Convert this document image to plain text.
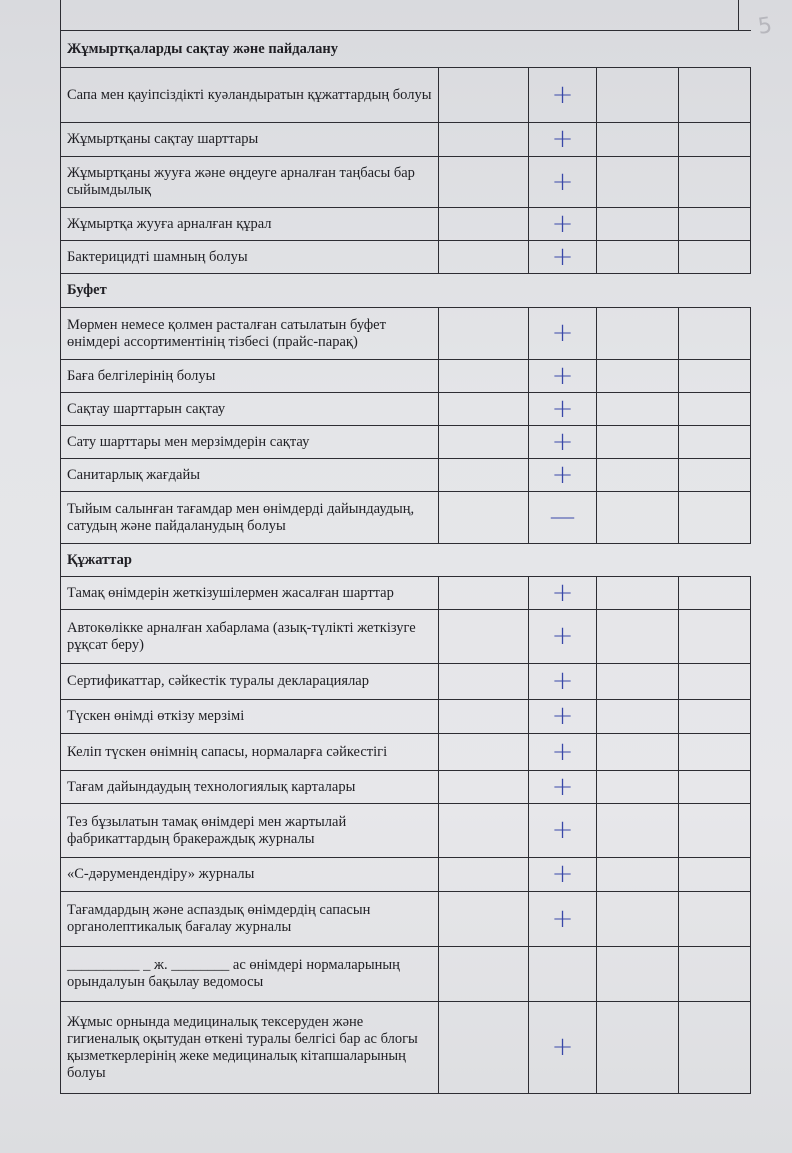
5
Жұмыртқаларды сақтау және пайдалану				
Сапа мен қауіпсіздікті куәландыратын құжаттардың болуы		+		
Жұмыртқаны сақтау шарттары		+		
Жұмыртқаны жууға және өңдеуге арналған таңбасы бар сыйымдылық		+		
Жұмыртқа жууға арналған құрал		+		
Бактерицидті шамның болуы		+		
Буфет				
Мөрмен немесе қолмен расталған сатылатын буфет өнімдері ассортиментінің тізбесі (прайс-парақ)		+		
Баға белгілерінің болуы		+		
Сақтау шарттарын сақтау		+		
Сату шарттары мен мерзімдерін сақтау		+		
Санитарлық жағдайы		+		
Тыйым салынған тағамдар мен өнімдерді дайындаудың, сатудың және пайдаланудың болуы		—		
Құжаттар				
Тамақ өнімдерін жеткізушілермен жасалған шарттар		+		
Автокөлікке арналған хабарлама (азық-түлікті жеткізуге рұқсат беру)		+		
Сертификаттар, сәйкестік туралы декларациялар		+		
Түскен өнімді өткізу мерзімі		+		
Келіп түскен өнімнің сапасы, нормаларға сәйкестігі		+		
Тағам дайындаудың технологиялық карталары		+		
Тез бұзылатын тамақ өнімдері мен жартылай фабрикаттардың бракераждық журналы		+		
«С-дәрумендендіру» журналы		+		
Тағамдардың және аспаздық өнімдердің сапасын органолептикалық бағалау журналы		+		
__________ _ ж. ________ ас өнімдері нормаларының орындалуын бақылау ведомосы				
Жұмыс орнында медициналық тексеруден және гигиеналық оқытудан өткені туралы белгісі бар ас блогы қызметкерлерінің жеке медициналық кітапшаларының болуы		+		
